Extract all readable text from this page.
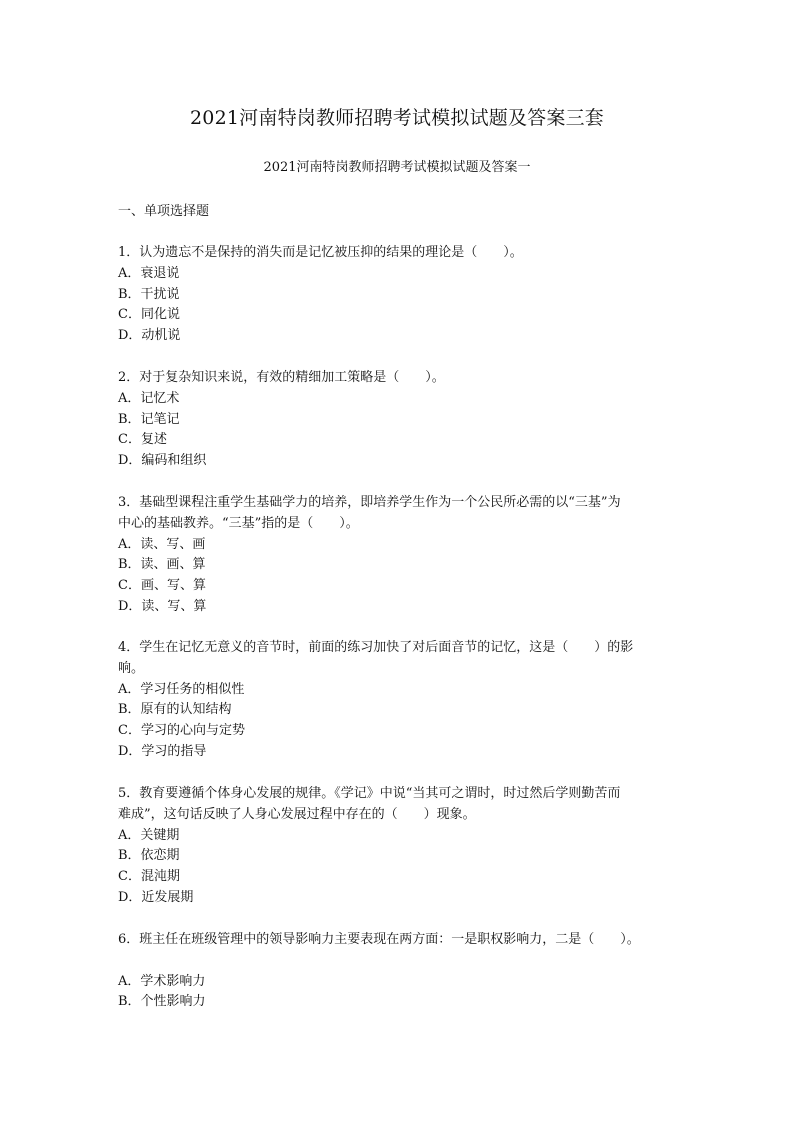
2021河南特岗教师招聘考试模拟试题及答案三套
2021河南特岗教师招聘考试模拟试题及答案一
一、单项选择题
1．认为遗忘不是保持的消失而是记忆被压抑的结果的理论是（　　）。
A．衰退说
B．干扰说
C．同化说
D．动机说
2．对于复杂知识来说，有效的精细加工策略是（　　）。
A．记忆术
B．记笔记
C．复述
D．编码和组织
3．基础型课程注重学生基础学力的培养，即培养学生作为一个公民所必需的以“三基”为
中心的基础教养。“三基”指的是（　　）。
A．读、写、画
B．读、画、算
C．画、写、算
D．读、写、算
4．学生在记忆无意义的音节时，前面的练习加快了对后面音节的记忆，这是（　　）的影
响。
A．学习任务的相似性
B．原有的认知结构
C．学习的心向与定势
D．学习的指导
5．教育要遵循个体身心发展的规律。《学记》中说“当其可之谓时，时过然后学则勤苦而
难成”，这句话反映了人身心发展过程中存在的（　　）现象。
A．关键期
B．依恋期
C．混沌期
D．近发展期
6．班主任在班级管理中的领导影响力主要表现在两方面：一是职权影响力，二是（　　）。
A．学术影响力
B．个性影响力
